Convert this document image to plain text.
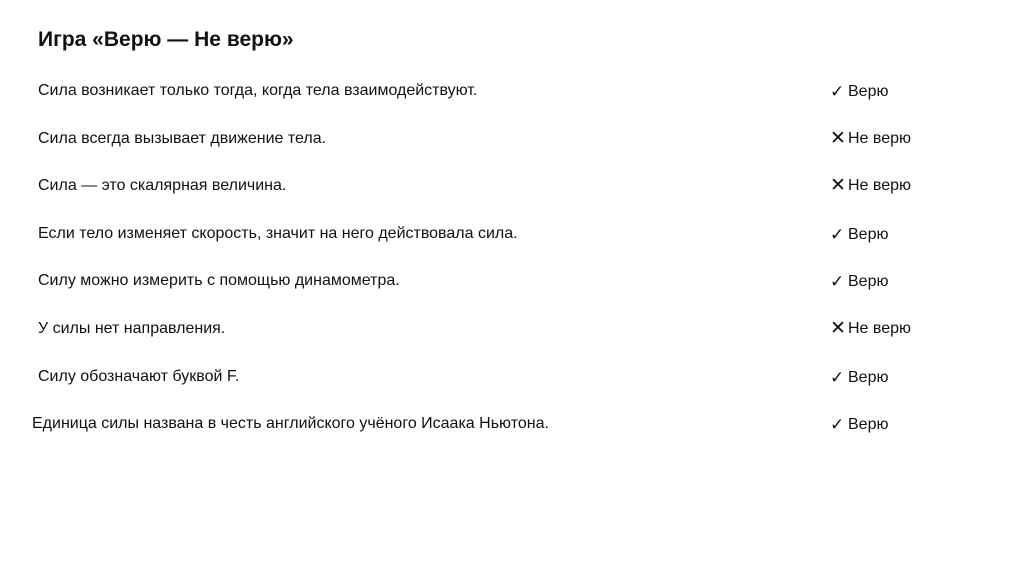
Игра «Верю — Не верю»
Сила возникает только тогда, когда тела взаимодействуют.	✓ Верю
Сила всегда вызывает движение тела.	✕ Не верю
Сила — это скалярная величина.	✕ Не верю
Если тело изменяет скорость, значит на него действовала сила.	✓ Верю
Силу можно измерить с помощью динамометра.	✓ Верю
У силы нет направления.	✕ Не верю
Силу обозначают буквой F.	✓ Верю
Единица силы названа в честь английского учёного Исаака Ньютона.	✓ Верю
